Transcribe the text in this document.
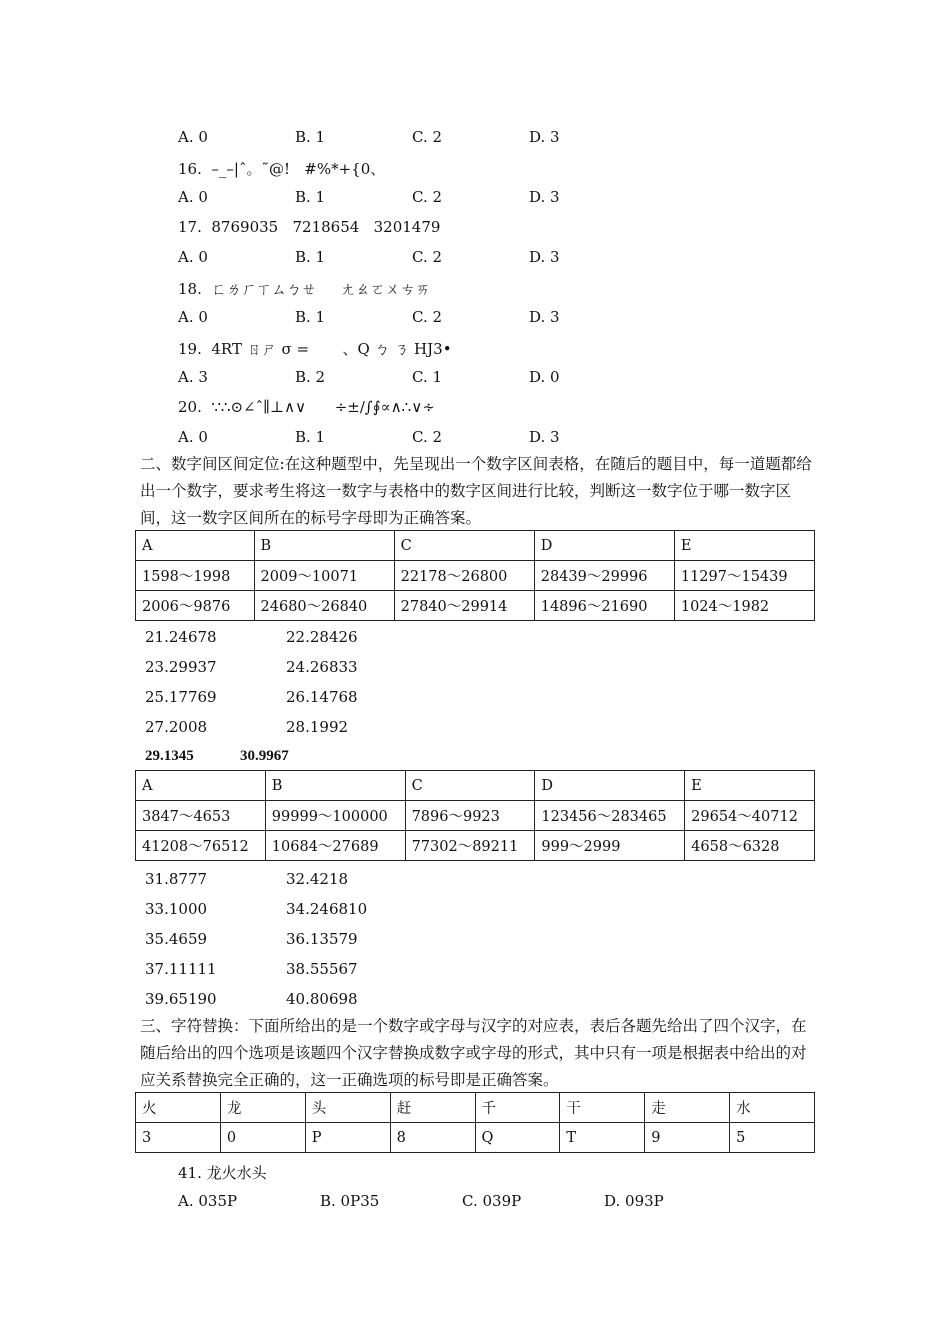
A. 0	B. 1	C. 2	D. 3
16.  –_–|ˆ。˜@!   #%*+{0、
A. 0	B. 1	C. 2	D. 3
17.  8769035   7218654   3201479
A. 0	B. 1	C. 2	D. 3
18.  ㄈㄌㄏㄒㄙㄅㄝ     ㄤㄠㄛㄨㄘㄞ
A. 0	B. 1	C. 2	D. 3
19.  4RT ㄖㄕ σ =       、Q ㄅ ㄋ HJ3•
A. 3	B. 2	C. 1	D. 0
20.  ∵∴⊙∠ˆ∥⊥∧∨      ÷±/∫∮∝∧∴∨∻
A. 0	B. 1	C. 2	D. 3
二、数字间区间定位:在这种题型中，先呈现出一个数字区间表格，在随后的题目中，每一道题都给出一个数字，要求考生将这一数字与表格中的数字区间进行比较，判断这一数字位于哪一数字区间，这一数字区间所在的标号字母即为正确答案。
A	B	C	D	E
1598～1998	2009～10071	22178～26800	28439～29996	11297～15439
2006～9876	24680～26840	27840～29914	14896～21690	1024～1982
21.24678	22.28426
23.29937	24.26833
25.17769	26.14768
27.2008	28.1992
29.1345	30.9967
A	B	C	D	E
3847～4653	99999～100000	7896～9923	123456～283465	29654～40712
41208～76512	10684～27689	77302～89211	999～2999	4658～6328
31.8777	32.4218
33.1000	34.246810
35.4659	36.13579
37.11111	38.55567
39.65190	40.80698
三、字符替换：下面所给出的是一个数字或字母与汉字的对应表，表后各题先给出了四个汉字，在随后给出的四个选项是该题四个汉字替换成数字或字母的形式，其中只有一项是根据表中给出的对应关系替换完全正确的，这一正确选项的标号即是正确答案。
火	龙	头	赶	千	干	走	水
3	0	P	8	Q	T	9	5
41. 龙火水头
A. 035P	B. 0P35	C. 039P	D. 093P
